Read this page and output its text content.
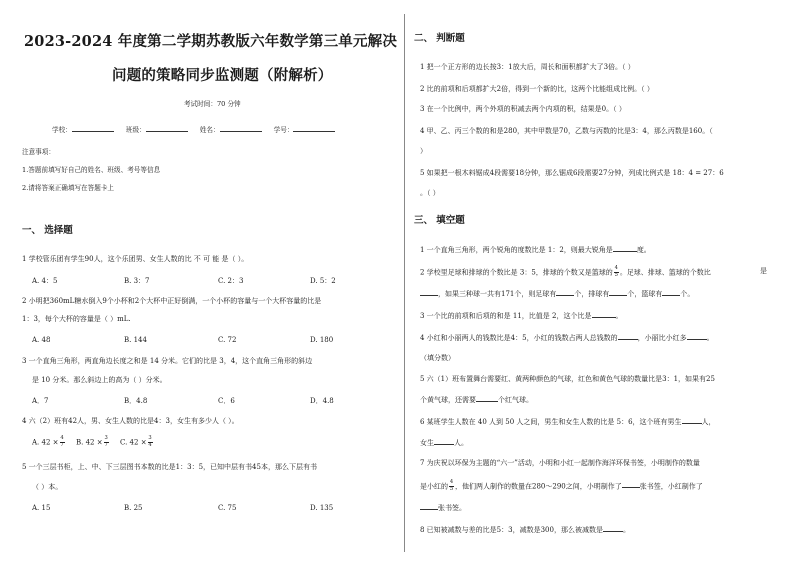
2023-2024 年度第二学期苏教版六年数学第三单元解决
问题的策略同步监测题（附解析）
考试时间：70 分钟
学校：	班级：	姓名：	学号：
注意事项：
1.答题前填写好自己的姓名、班级、考号等信息
2.请将答案正确填写在答题卡上
一、 选择题
1 学校管乐团有学生90人，这个乐团男、女生人数的比 不 可 能 是（ ）。
A. 4：5	B. 3：7	C. 2：3	D. 5：2
2 小明把360mL糖水倒入9个小杯和2个大杯中正好倒满，一个小杯的容量与一个大杯容量的比是
1：3，每个大杯的容量是（ ）mL.
A. 48	B. 144	C. 72	D. 180
3 一个直角三角形，两直角边长度之和是 14 分米。它们的比是 3，4，这个直角三角形的斜边
是 10 分米。那么斜边上的高为（ ）分米。
A．7	B．4.8	C．6	D．4.8
4 六（2）班有42人，男、女生人数的比是4：3，女生有多少人（ ）。
A. $42 \times \frac{4}{7} B$. $42 \times \frac{3}{7} C$. $42 \times \frac{3}{4}$
5 一个三层书柜，上、中、下三层图书本数的比是1：3：5，已知中层有书45本，那么下层有书
（ ）本。
A. 15	B. 25	C. 75	D. 135
二、 判断题
1 把一个正方形的边长按3：1放大后，周长和面积都扩大了3倍。（ ）
2 比的前项和后项都扩大2倍，得到一个新的比，这两个比能组成比例。（ ）
3 在一个比例中，两个外项的积减去两个内项的积，结果是0。（ ）
4 甲、乙、丙三个数的和是280，其中甲数是70，乙数与丙数的比是3：4，那么丙数是160。（
）
5 如果把一根木料锯成4段需要18分钟，那么锯成6段需要27分钟，列成比例式是 18：4 = 27：6
。（ ）
三、 填空题
1 一个直角三角形，两个锐角的度数比是 1：2，则最大锐角是	度。
2 学校里足球和排球的个数比是 3：5，排球的个数又是篮球的 $\frac{4}{5}$ 。足球、排球、篮球的个数比	是
，如果三种球一共有171个，则足球有	个，排球有	个，篮球有	个。
3 一个比的前项和后项的和是 11，比值是 2，这个比是	。
4 小红和小丽两人的钱数比是4：5，小红的钱数占两人总钱数的	，小丽比小红多	。
（填分数）
5 六（1）班布置舞台需要红、黄两种颜色的气球，红色和黄色气球的数量比是3：1，如果有25
个黄气球，还需要	个红气球。
6 某班学生人数在 40 人到 50 人之间，男生和女生人数的比是 5：6，这个班有男生	人，
女生	人。
7 为庆祝以环保为主题的“六一”活动，小明和小红一起制作海洋环保书签，小明制作的数量
是小红的 $\frac{4}{5}$ ，他们两人制作的数量在280～290之间，小明制作了	张书签，小红制作了
张书签。
8 已知被减数与差的比是5：3，减数是300，那么被减数是	。
